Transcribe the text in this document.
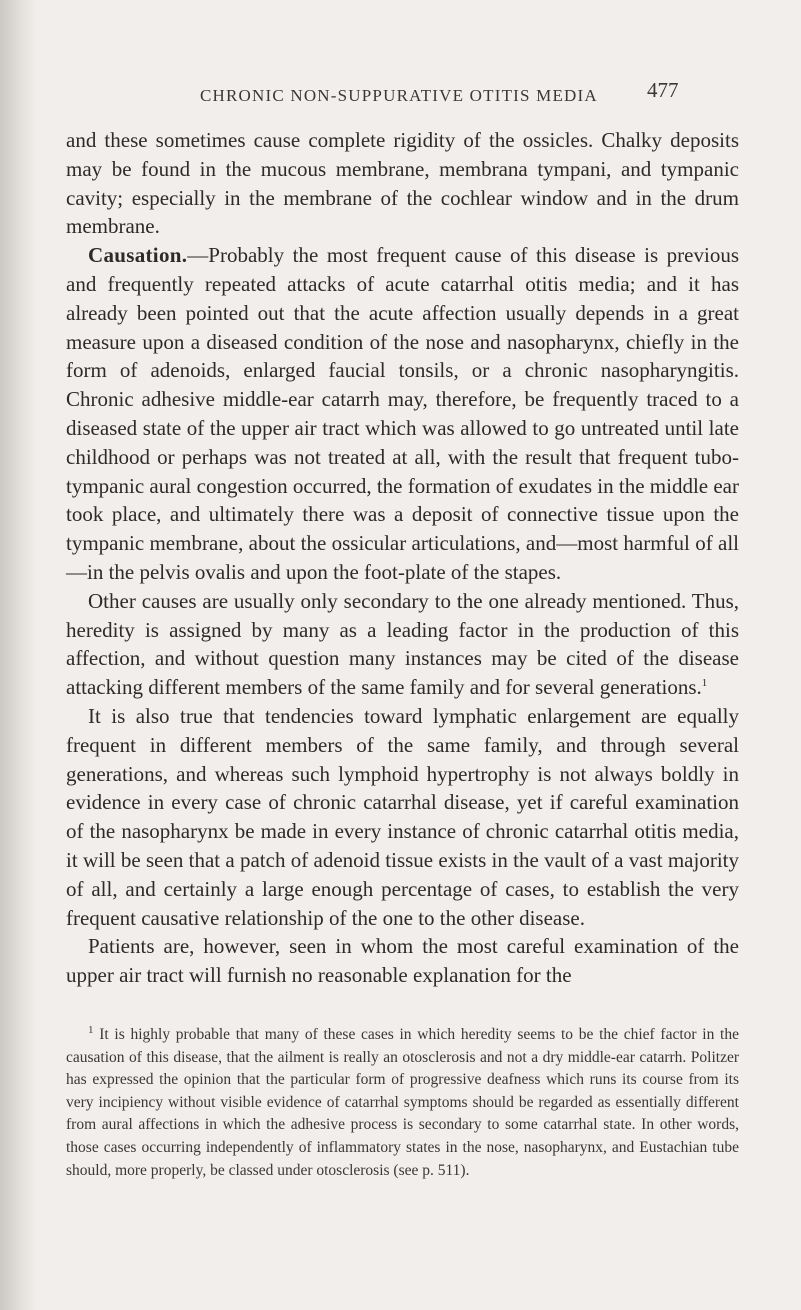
CHRONIC NON-SUPPURATIVE OTITIS MEDIA 477

and these sometimes cause complete rigidity of the ossicles. Chalky deposits may be found in the mucous membrane, membrana tympani, and tympanic cavity; especially in the membrane of the cochlear window and in the drum membrane.

Causation.—Probably the most frequent cause of this disease is previous and frequently repeated attacks of acute catarrhal otitis media; and it has already been pointed out that the acute affection usually depends in a great measure upon a diseased condition of the nose and nasopharynx, chiefly in the form of adenoids, enlarged faucial tonsils, or a chronic nasopharyngitis. Chronic adhesive middle-ear catarrh may, therefore, be frequently traced to a diseased state of the upper air tract which was allowed to go untreated until late childhood or perhaps was not treated at all, with the result that frequent tubo-tympanic aural congestion occurred, the formation of exudates in the middle ear took place, and ultimately there was a deposit of connective tissue upon the tympanic membrane, about the ossicular articulations, and—most harmful of all—in the pelvis ovalis and upon the foot-plate of the stapes.

Other causes are usually only secondary to the one already mentioned. Thus, heredity is assigned by many as a leading factor in the production of this affection, and without question many instances may be cited of the disease attacking different members of the same family and for several generations.$^1$

It is also true that tendencies toward lymphatic enlargement are equally frequent in different members of the same family, and through several generations, and whereas such lymphoid hypertrophy is not always boldly in evidence in every case of chronic catarrhal disease, yet if careful examination of the nasopharynx be made in every instance of chronic catarrhal otitis media, it will be seen that a patch of adenoid tissue exists in the vault of a vast majority of all, and certainly a large enough percentage of cases, to establish the very frequent causative relationship of the one to the other disease.

Patients are, however, seen in whom the most careful examination of the upper air tract will furnish no reasonable explanation for the

$^1$ It is highly probable that many of these cases in which heredity seems to be the chief factor in the causation of this disease, that the ailment is really an otosclerosis and not a dry middle-ear catarrh. Politzer has expressed the opinion that the particular form of progressive deafness which runs its course from its very incipiency without visible evidence of catarrhal symptoms should be regarded as essentially different from aural affections in which the adhesive process is secondary to some catarrhal state. In other words, those cases occurring independently of inflammatory states in the nose, nasopharynx, and Eustachian tube should, more properly, be classed under otosclerosis (see p. 511).
